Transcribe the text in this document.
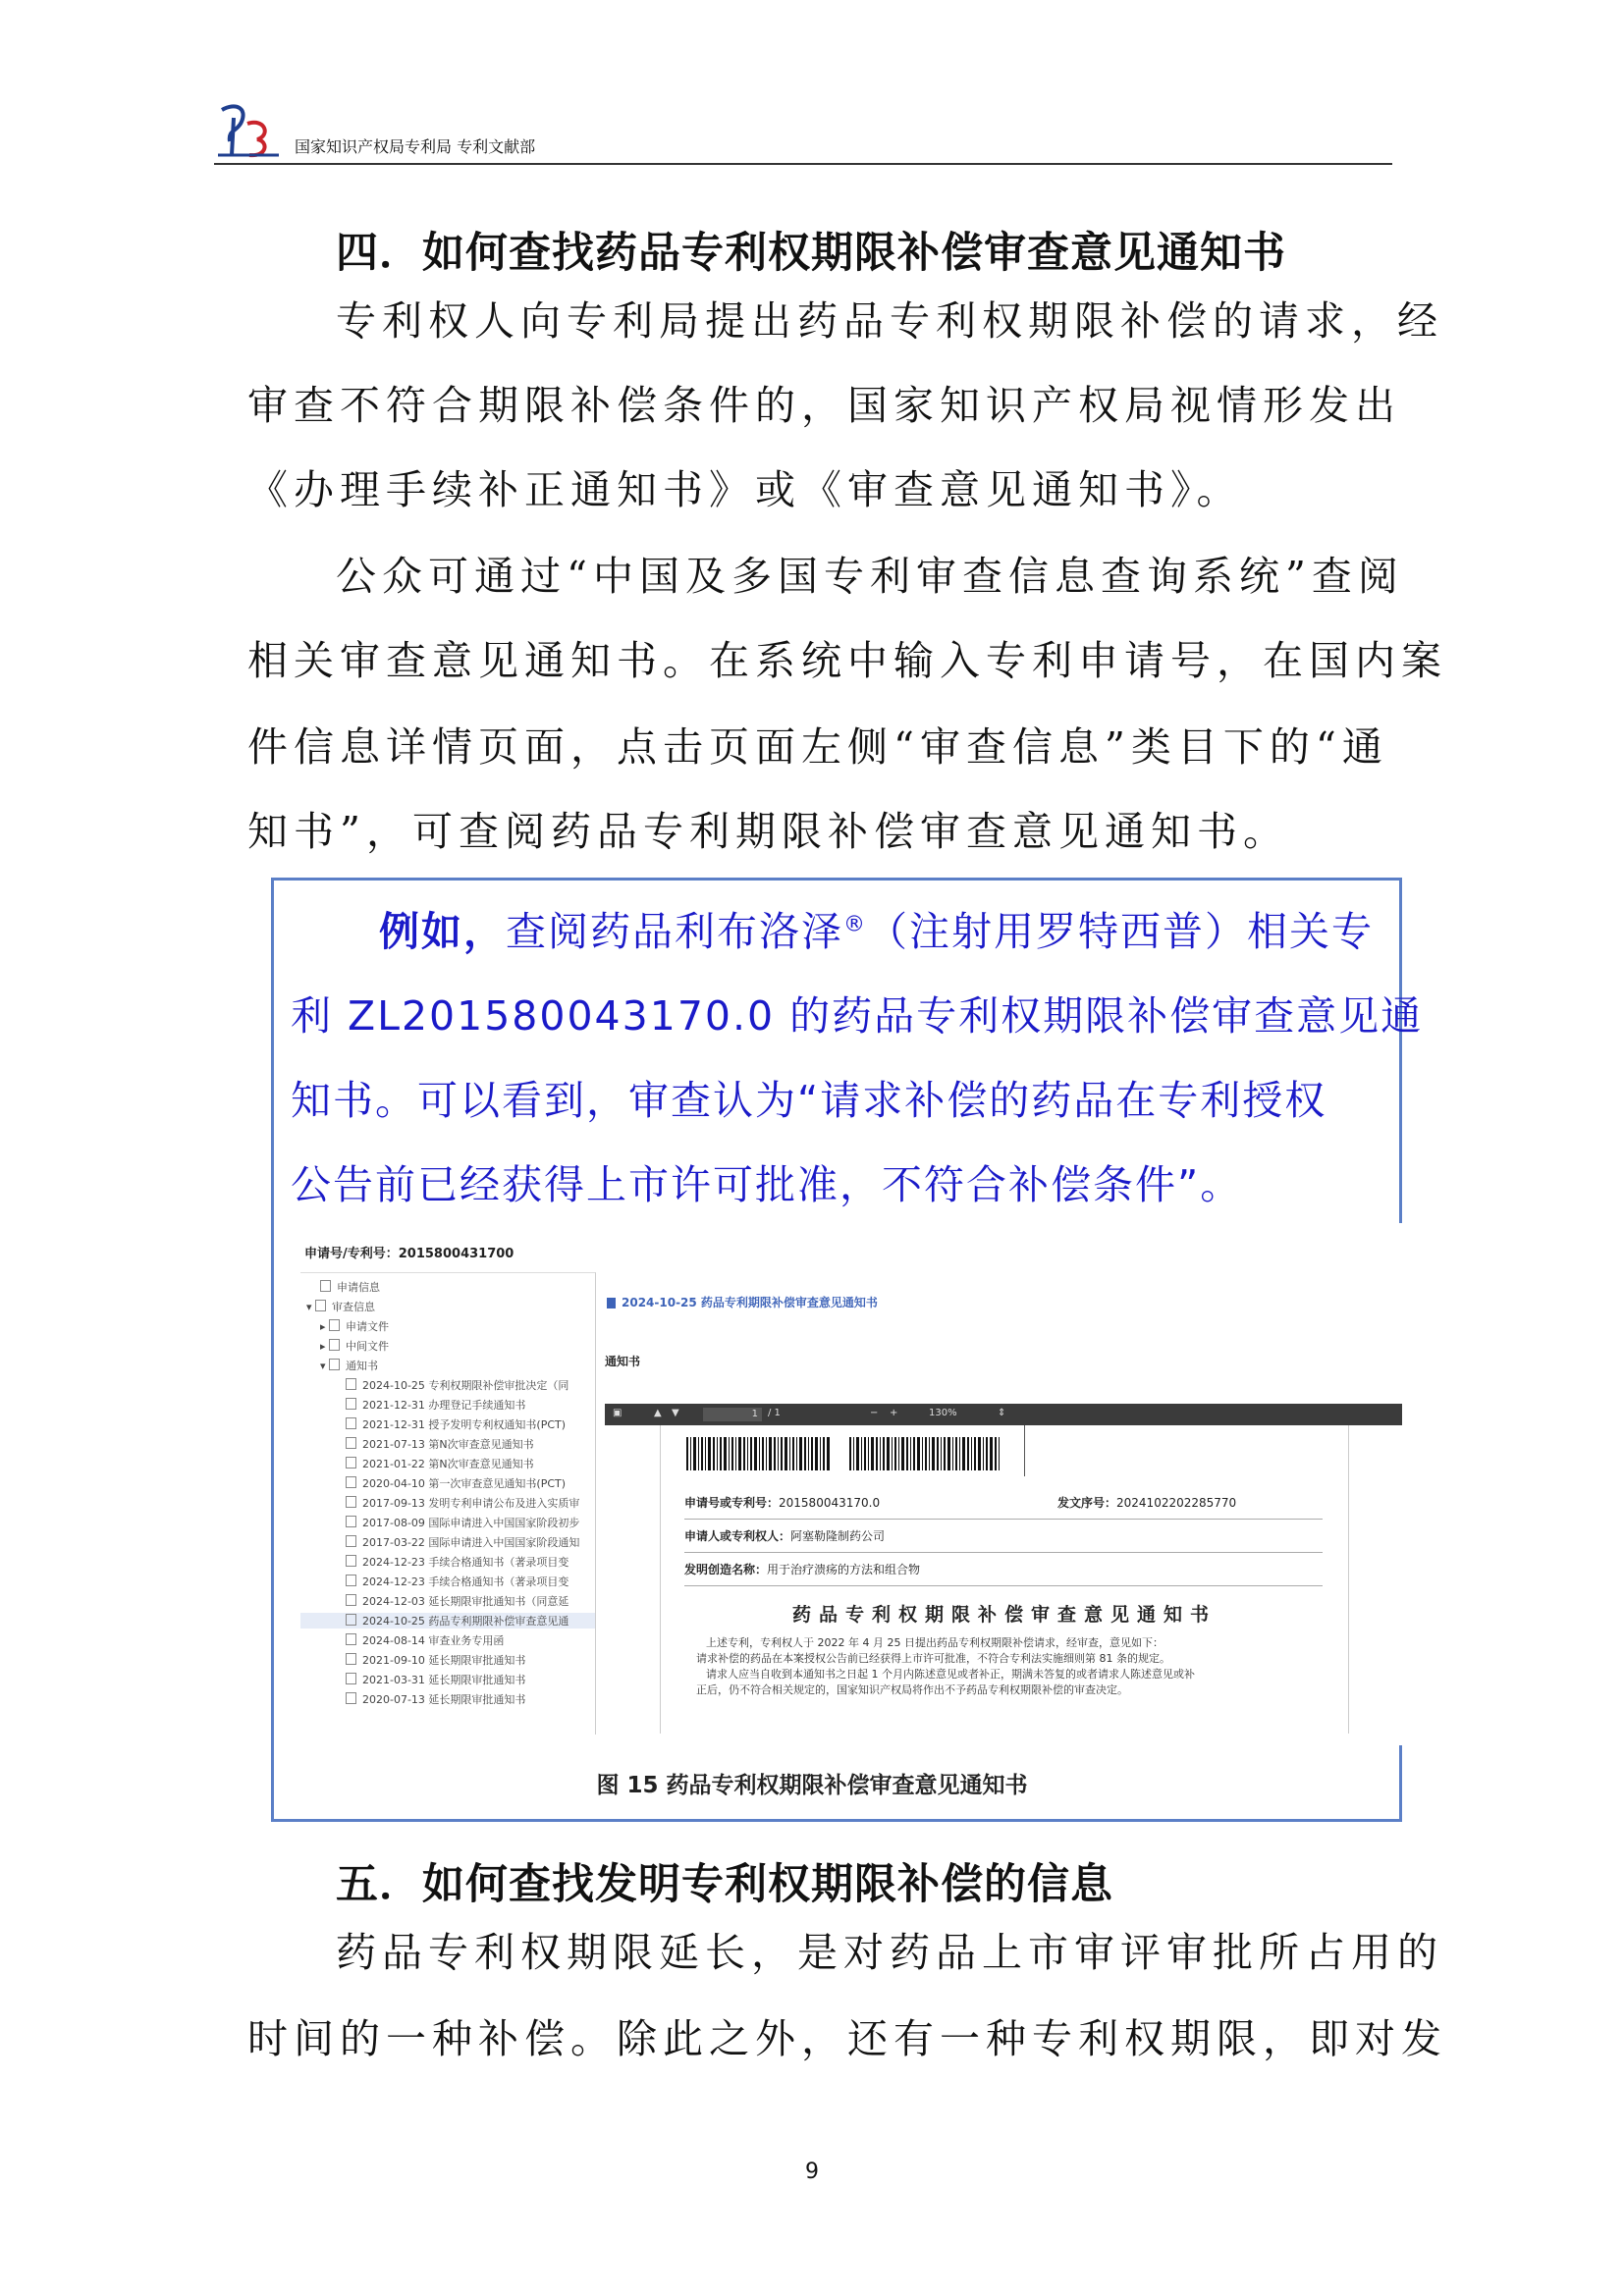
国家知识产权局专利局 专利文献部
四．如何查找药品专利权期限补偿审查意见通知书
专利权人向专利局提出药品专利权期限补偿的请求，经
审查不符合期限补偿条件的，国家知识产权局视情形发出
《办理手续补正通知书》或《审查意见通知书》。
公众可通过“中国及多国专利审查信息查询系统”查阅
相关审查意见通知书。在系统中输入专利申请号，在国内案
件信息详情页面，点击页面左侧“审查信息”类目下的“通
知书”，可查阅药品专利期限补偿审查意见通知书。
例如，查阅药品利布洛泽®（注射用罗特西普）相关专
利 ZL201580043170.0 的药品专利权期限补偿审查意见通
知书。可以看到，审查认为“请求补偿的药品在专利授权
公告前已经获得上市许可批准，不符合补偿条件”。
申请号/专利号：2015800431700
申请信息
▾ 审查信息
▸ 申请文件
▸ 中间文件
▾ 通知书
2024-10-25 专利权期限补偿审批决定（同
2021-12-31 办理登记手续通知书
2021-12-31 授予发明专利权通知书(PCT)
2021-07-13 第N次审查意见通知书
2021-01-22 第N次审查意见通知书
2020-04-10 第一次审查意见通知书(PCT)
2017-09-13 发明专利申请公布及进入实质审
2017-08-09 国际申请进入中国国家阶段初步
2017-03-22 国际申请进入中国国家阶段通知
2024-12-23 手续合格通知书（著录项目变
2024-12-23 手续合格通知书（著录项目变
2024-12-03 延长期限审批通知书（同意延
2024-10-25 药品专利期限补偿审查意见通
2024-08-14 审查业务专用函
2021-09-10 延长期限审批通知书
2021-03-31 延长期限审批通知书
2020-07-13 延长期限审批通知书
2024-10-25 药品专利期限补偿审查意见通知书
通知书
▣	▲ ▼	1	/ 1	− +	130%	⇕
申请号或专利号：201580043170.0	发文序号：2024102202285770
申请人或专利权人：阿塞勒隆制药公司
发明创造名称：用于治疗溃疡的方法和组合物
药品专利权期限补偿审查意见通知书
上述专利，专利权人于 2022 年 4 月 25 日提出药品专利权期限补偿请求，经审查，意见如下：
请求补偿的药品在本案授权公告前已经获得上市许可批准，不符合专利法实施细则第 81 条的规定。
请求人应当自收到本通知书之日起 1 个月内陈述意见或者补正，期满未答复的或者请求人陈述意见或补
正后，仍不符合相关规定的，国家知识产权局将作出不予药品专利权期限补偿的审查决定。
图 15 药品专利权期限补偿审查意见通知书
五．如何查找发明专利权期限补偿的信息
药品专利权期限延长，是对药品上市审评审批所占用的
时间的一种补偿。除此之外，还有一种专利权期限，即对发
9
